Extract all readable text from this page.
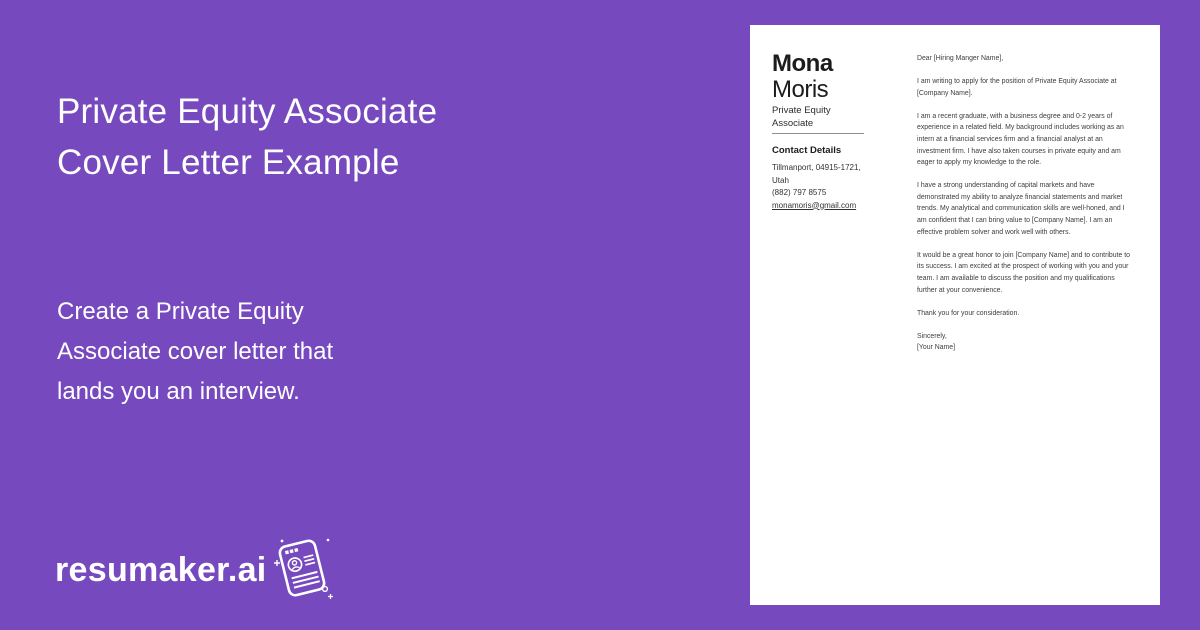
Private Equity Associate
Cover Letter Example

Create a Private Equity
Associate cover letter that
lands you an interview.

resumaker.ai
Mona
Moris
Private Equity Associate
Contact Details

Tillmanport, 04915-1721, Utah

(882) 797 8575

monamoris@gmail.com

Dear [Hiring Manger Name],

I am writing to apply for the position of Private Equity Associate at [Company Name].

I am a recent graduate, with a business degree and 0-2 years of experience in a related field. My background includes working as an intern at a financial services firm and a financial analyst at an investment firm. I have also taken courses in private equity and am eager to apply my knowledge to the role.

I have a strong understanding of capital markets and have demonstrated my ability to analyze financial statements and market trends. My analytical and communication skills are well-honed, and I am confident that I can bring value to [Company Name]. I am an effective problem solver and work well with others.

It would be a great honor to join [Company Name] and to contribute to its success. I am excited at the prospect of working with you and your team. I am available to discuss the position and my qualifications further at your convenience.

Thank you for your consideration.

Sincerely,
[Your Name]
